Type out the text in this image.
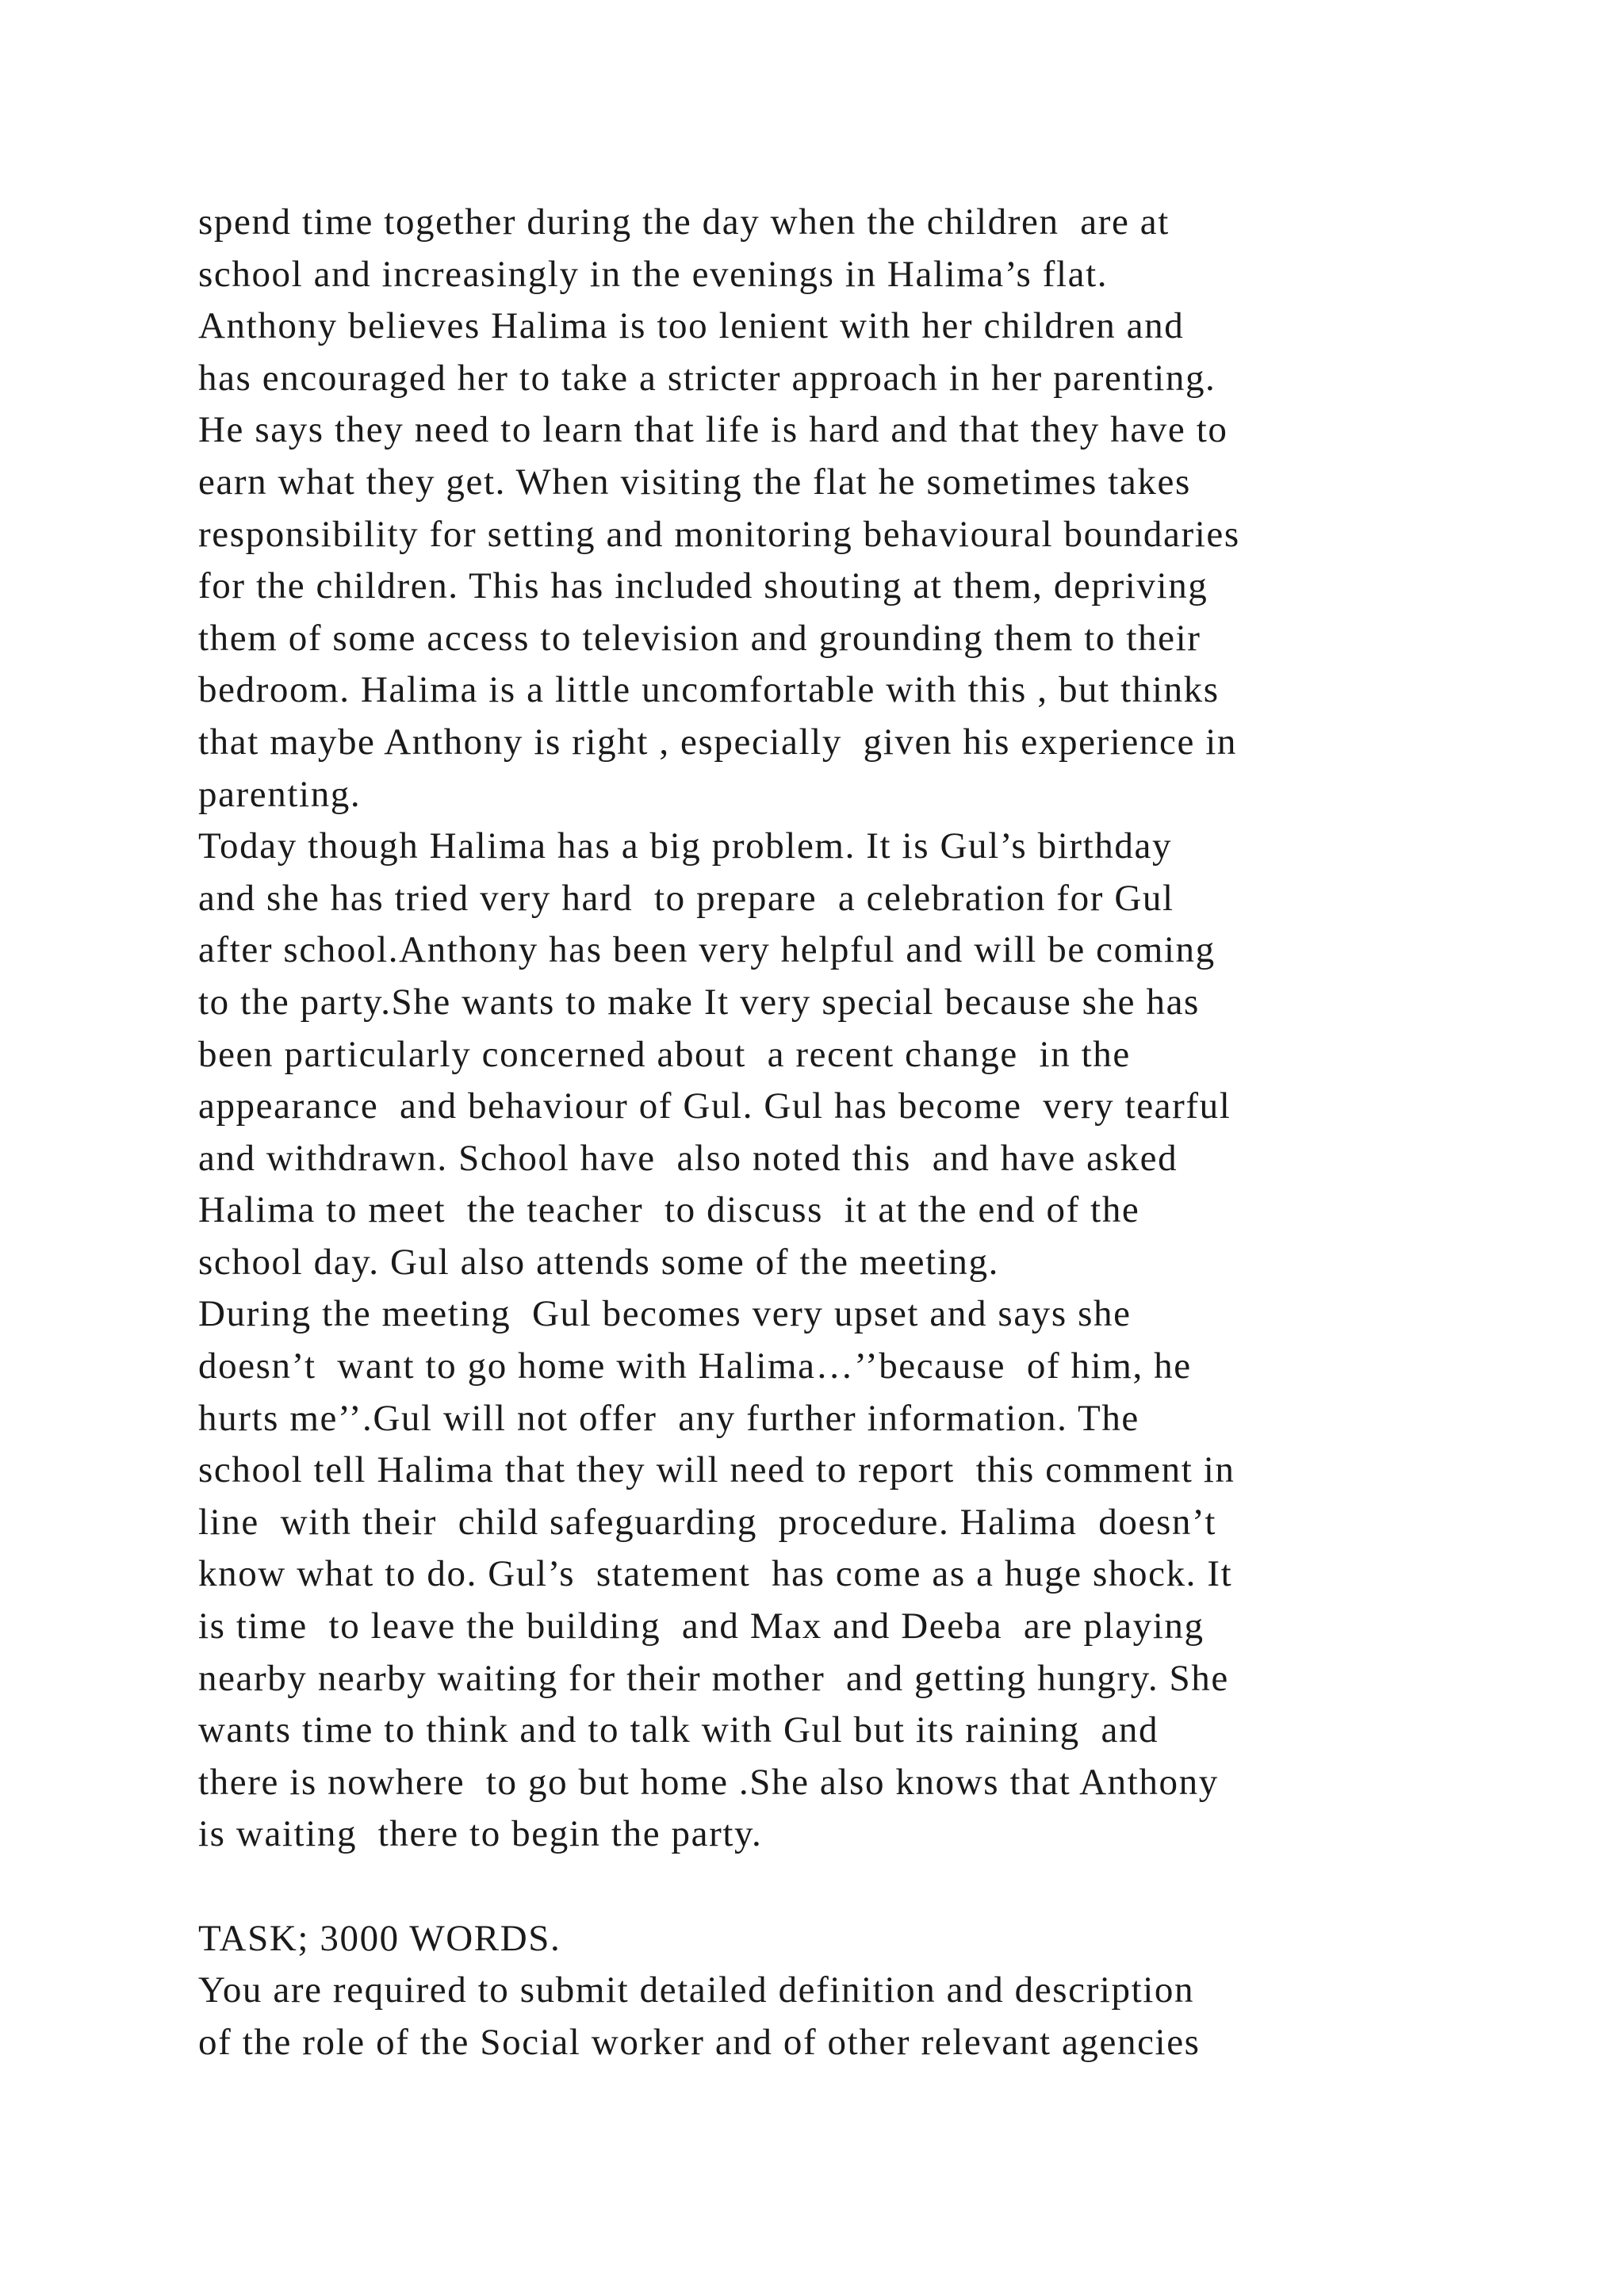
spend time together during the day when the children  are at
school and increasingly in the evenings in Halima’s flat.
Anthony believes Halima is too lenient with her children and
has encouraged her to take a stricter approach in her parenting.
He says they need to learn that life is hard and that they have to
earn what they get. When visiting the flat he sometimes takes
responsibility for setting and monitoring behavioural boundaries
for the children. This has included shouting at them, depriving
them of some access to television and grounding them to their
bedroom. Halima is a little uncomfortable with this , but thinks
that maybe Anthony is right , especially  given his experience in
parenting.
Today though Halima has a big problem. It is Gul’s birthday
and she has tried very hard  to prepare  a celebration for Gul
after school.Anthony has been very helpful and will be coming
to the party.She wants to make It very special because she has
been particularly concerned about  a recent change  in the
appearance  and behaviour of Gul. Gul has become  very tearful
and withdrawn. School have  also noted this  and have asked
Halima to meet  the teacher  to discuss  it at the end of the
school day. Gul also attends some of the meeting.
During the meeting  Gul becomes very upset and says she
doesn’t  want to go home with Halima…’’because  of him, he
hurts me’’.Gul will not offer  any further information. The
school tell Halima that they will need to report  this comment in
line  with their  child safeguarding  procedure. Halima  doesn’t
know what to do. Gul’s  statement  has come as a huge shock. It
is time  to leave the building  and Max and Deeba  are playing
nearby nearby waiting for their mother  and getting hungry. She
wants time to think and to talk with Gul but its raining  and
there is nowhere  to go but home .She also knows that Anthony
is waiting  there to begin the party.
TASK; 3000 WORDS.
You are required to submit detailed definition and description
of the role of the Social worker and of other relevant agencies
